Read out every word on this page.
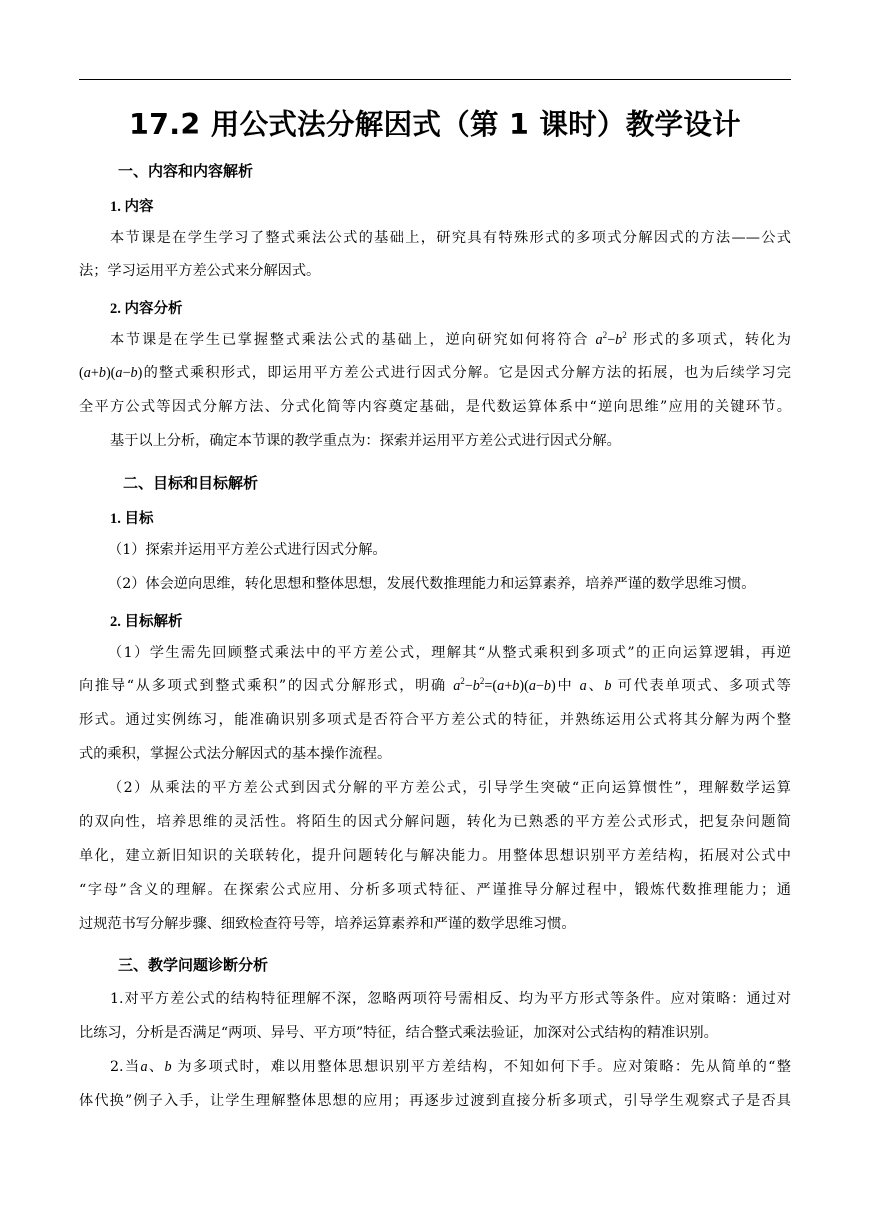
17.2 用公式法分解因式（第 1 课时）教学设计
一、内容和内容解析
1. 内容
本节课是在学生学习了整式乘法公式的基础上，研究具有特殊形式的多项式分解因式的方法——公式
法；学习运用平方差公式来分解因式。
2. 内容分析
本节课是在学生已掌握整式乘法公式的基础上，逆向研究如何将符合 $a^2-b^2$ 形式的多项式，转化为
(a+b)(a−b)的整式乘积形式，即运用平方差公式进行因式分解。它是因式分解方法的拓展，也为后续学习完
全平方公式等因式分解方法、分式化简等内容奠定基础，是代数运算体系中“逆向思维”应用的关键环节。
基于以上分析，确定本节课的教学重点为：探索并运用平方差公式进行因式分解。
二、目标和目标解析
1. 目标
（1）探索并运用平方差公式进行因式分解。
（2）体会逆向思维，转化思想和整体思想，发展代数推理能力和运算素养，培养严谨的数学思维习惯。
2. 目标解析
（1）学生需先回顾整式乘法中的平方差公式，理解其“从整式乘积到多项式”的正向运算逻辑，再逆
向推导“从多项式到整式乘积”的因式分解形式，明确 $a^2-b^2=(a+b)(a-b)$中 a、b 可代表单项式、多项式等
形式。通过实例练习，能准确识别多项式是否符合平方差公式的特征，并熟练运用公式将其分解为两个整
式的乘积，掌握公式法分解因式的基本操作流程。
（2）从乘法的平方差公式到因式分解的平方差公式，引导学生突破“正向运算惯性”，理解数学运算
的双向性，培养思维的灵活性。将陌生的因式分解问题，转化为已熟悉的平方差公式形式，把复杂问题简
单化，建立新旧知识的关联转化，提升问题转化与解决能力。用整体思想识别平方差结构，拓展对公式中
“字母”含义的理解。在探索公式应用、分析多项式特征、严谨推导分解过程中，锻炼代数推理能力；通
过规范书写分解步骤、细致检查符号等，培养运算素养和严谨的数学思维习惯。
三、教学问题诊断分析
1.对平方差公式的结构特征理解不深，忽略两项符号需相反、均为平方形式等条件。应对策略：通过对
比练习，分析是否满足“两项、异号、平方项”特征，结合整式乘法验证，加深对公式结构的精准识别。
2.当a、b 为多项式时，难以用整体思想识别平方差结构，不知如何下手。应对策略：先从简单的“整
体代换”例子入手，让学生理解整体思想的应用；再逐步过渡到直接分析多项式，引导学生观察式子是否具
